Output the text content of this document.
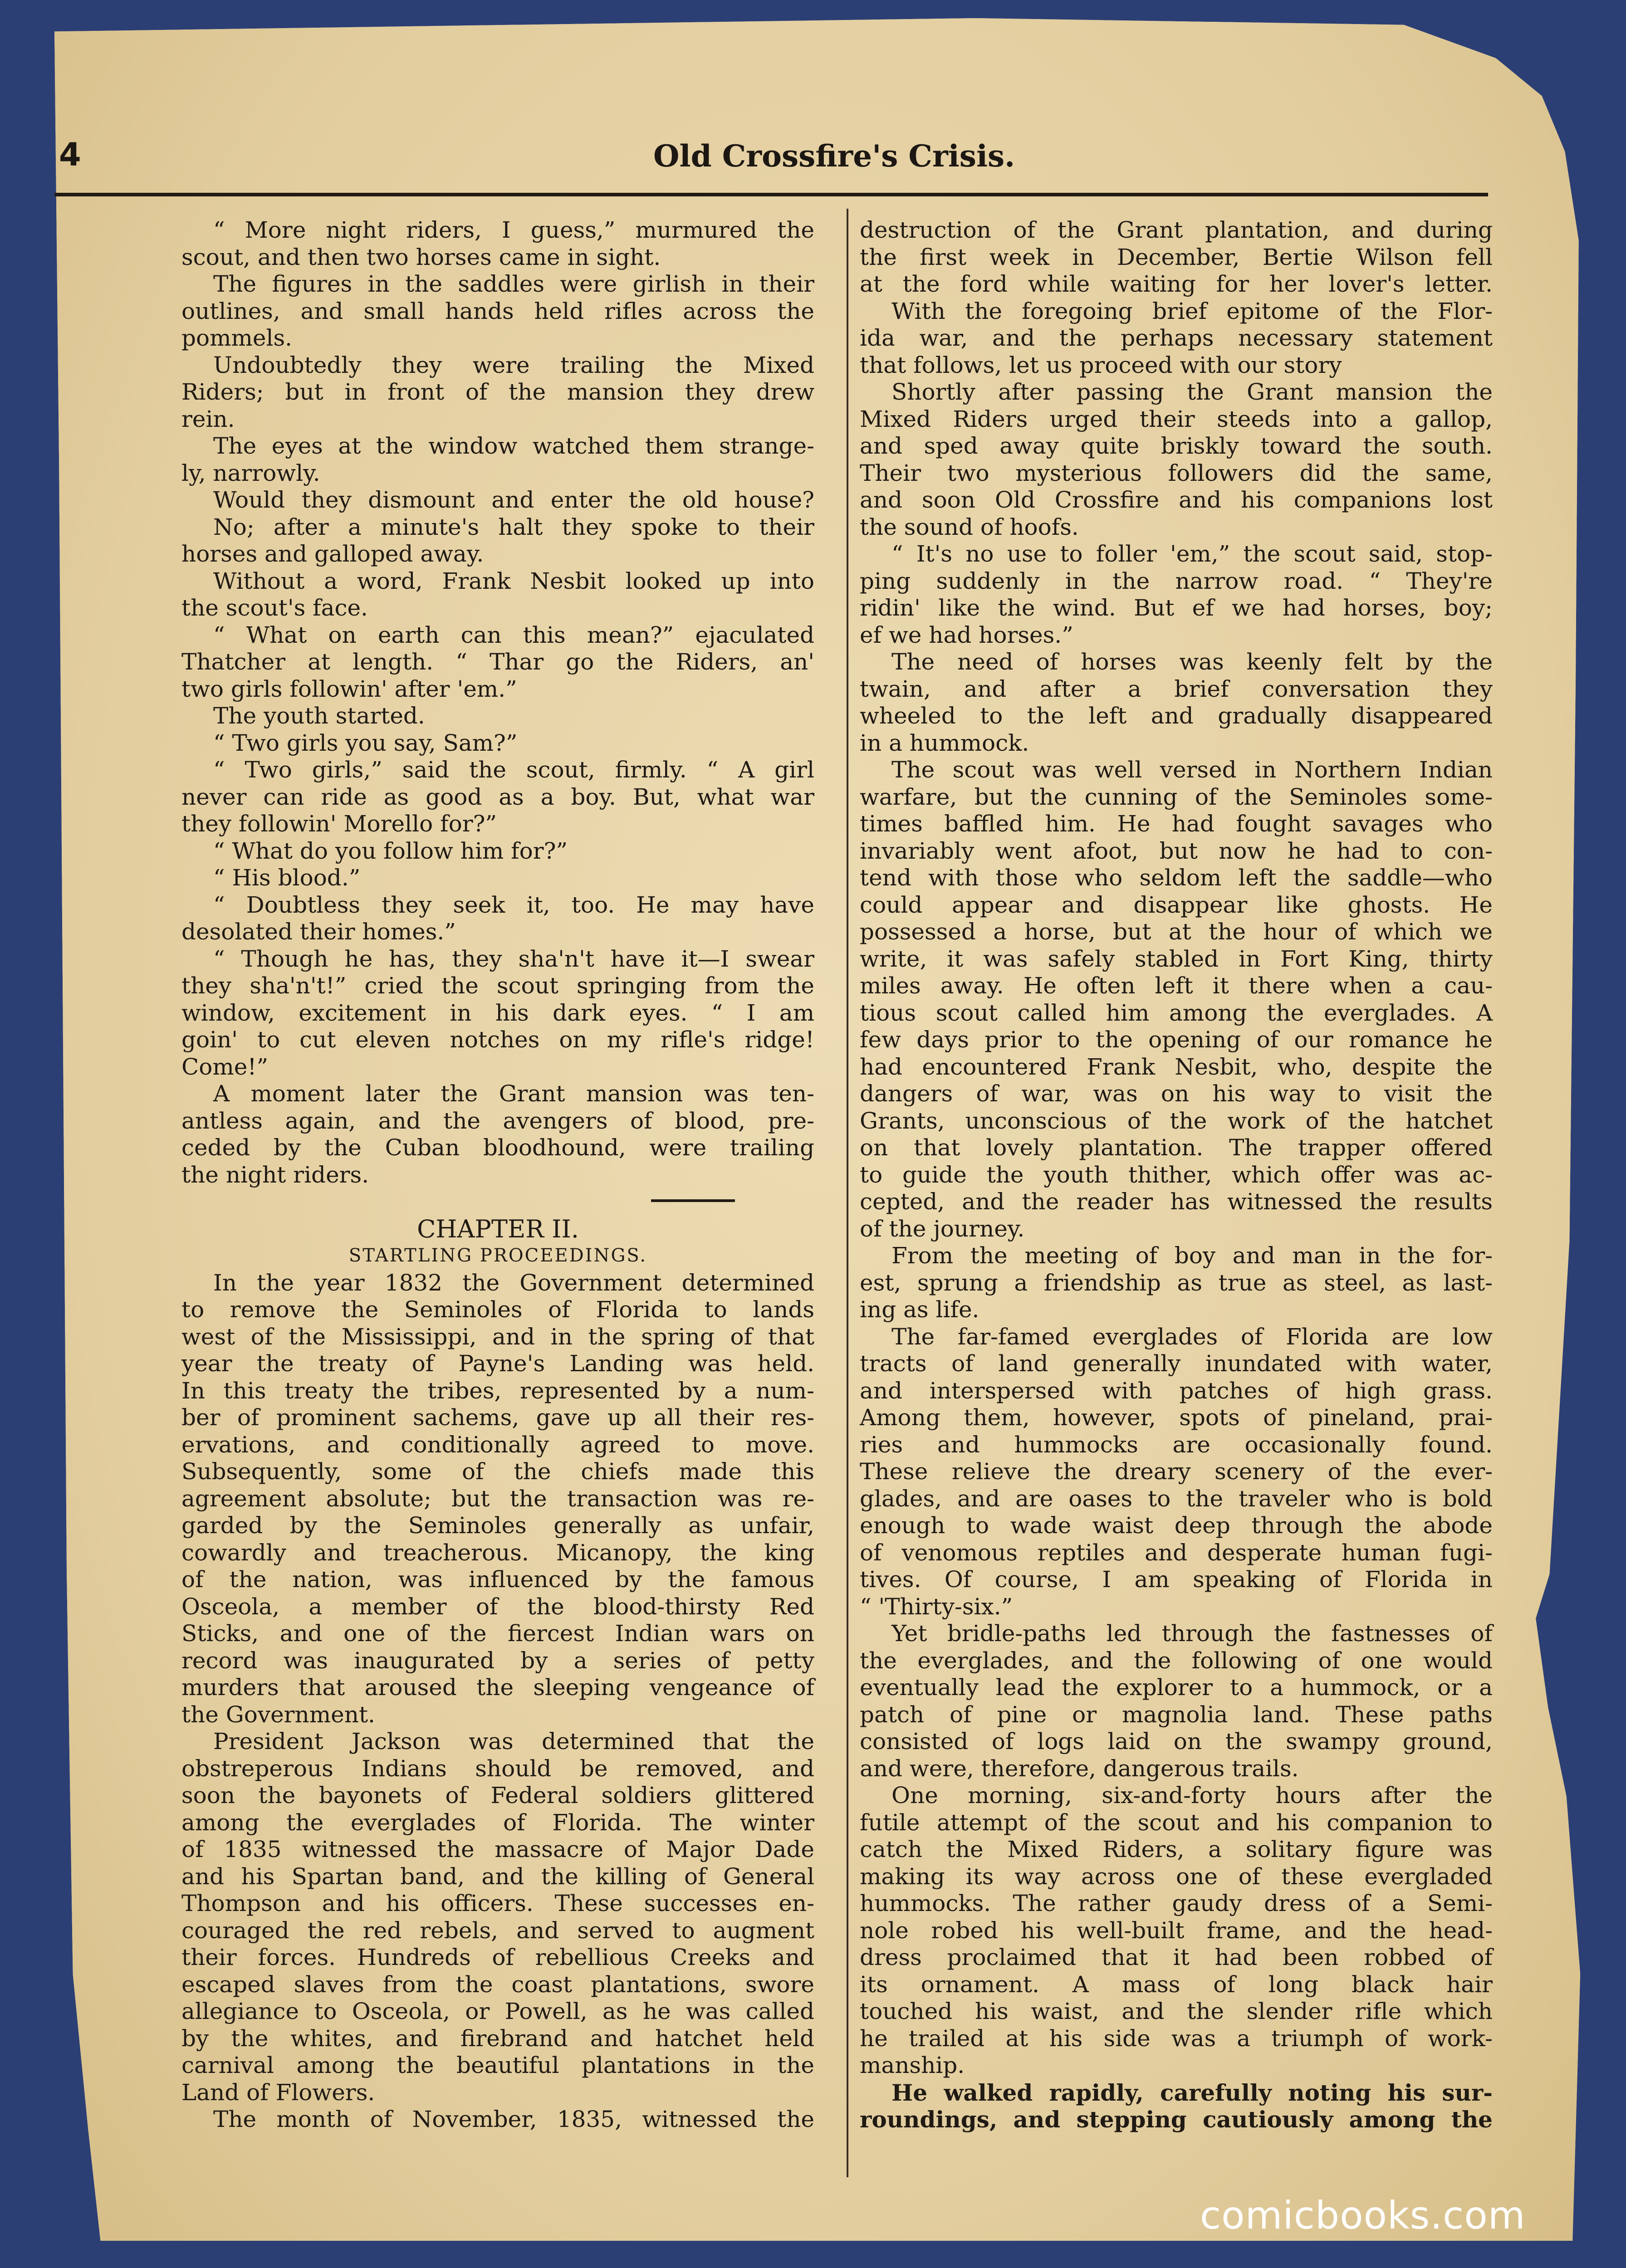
4	Old Crossfire's Crisis.
“ More night riders, I guess,” murmured the
scout, and then two horses came in sight.
The figures in the saddles were girlish in their
outlines, and small hands held rifles across the
pommels.
Undoubtedly they were trailing the Mixed
Riders; but in front of the mansion they drew
rein.
The eyes at the window watched them strange-
ly, narrowly.
Would they dismount and enter the old house?
No; after a minute's halt they spoke to their
horses and galloped away.
Without a word, Frank Nesbit looked up into
the scout's face.
“ What on earth can this mean?” ejaculated
Thatcher at length. “ Thar go the Riders, an'
two girls followin' after 'em.”
The youth started.
“ Two girls you say, Sam?”
“ Two girls,” said the scout, firmly. “ A girl
never can ride as good as a boy. But, what war
they followin' Morello for?”
“ What do you follow him for?”
“ His blood.”
“ Doubtless they seek it, too. He may have
desolated their homes.”
“ Though he has, they sha'n't have it—I swear
they sha'n't!” cried the scout springing from the
window, excitement in his dark eyes. “ I am
goin' to cut eleven notches on my rifle's ridge!
Come!”
A moment later the Grant mansion was ten-
antless again, and the avengers of blood, pre-
ceded by the Cuban bloodhound, were trailing
the night riders.
CHAPTER II.
STARTLING PROCEEDINGS.
In the year 1832 the Government determined
to remove the Seminoles of Florida to lands
west of the Mississippi, and in the spring of that
year the treaty of Payne's Landing was held.
In this treaty the tribes, represented by a num-
ber of prominent sachems, gave up all their res-
ervations, and conditionally agreed to move.
Subsequently, some of the chiefs made this
agreement absolute; but the transaction was re-
garded by the Seminoles generally as unfair,
cowardly and treacherous. Micanopy, the king
of the nation, was influenced by the famous
Osceola, a member of the blood-thirsty Red
Sticks, and one of the fiercest Indian wars on
record was inaugurated by a series of petty
murders that aroused the sleeping vengeance of
the Government.
President Jackson was determined that the
obstreperous Indians should be removed, and
soon the bayonets of Federal soldiers glittered
among the everglades of Florida. The winter
of 1835 witnessed the massacre of Major Dade
and his Spartan band, and the killing of General
Thompson and his officers. These successes en-
couraged the red rebels, and served to augment
their forces. Hundreds of rebellious Creeks and
escaped slaves from the coast plantations, swore
allegiance to Osceola, or Powell, as he was called
by the whites, and firebrand and hatchet held
carnival among the beautiful plantations in the
Land of Flowers.
The month of November, 1835, witnessed the
destruction of the Grant plantation, and during
the first week in December, Bertie Wilson fell
at the ford while waiting for her lover's letter.
With the foregoing brief epitome of the Flor-
ida war, and the perhaps necessary statement
that follows, let us proceed with our story
Shortly after passing the Grant mansion the
Mixed Riders urged their steeds into a gallop,
and sped away quite briskly toward the south.
Their two mysterious followers did the same,
and soon Old Crossfire and his companions lost
the sound of hoofs.
“ It's no use to foller 'em,” the scout said, stop-
ping suddenly in the narrow road. “ They're
ridin' like the wind. But ef we had horses, boy;
ef we had horses.”
The need of horses was keenly felt by the
twain, and after a brief conversation they
wheeled to the left and gradually disappeared
in a hummock.
The scout was well versed in Northern Indian
warfare, but the cunning of the Seminoles some-
times baffled him. He had fought savages who
invariably went afoot, but now he had to con-
tend with those who seldom left the saddle—who
could appear and disappear like ghosts. He
possessed a horse, but at the hour of which we
write, it was safely stabled in Fort King, thirty
miles away. He often left it there when a cau-
tious scout called him among the everglades. A
few days prior to the opening of our romance he
had encountered Frank Nesbit, who, despite the
dangers of war, was on his way to visit the
Grants, unconscious of the work of the hatchet
on that lovely plantation. The trapper offered
to guide the youth thither, which offer was ac-
cepted, and the reader has witnessed the results
of the journey.
From the meeting of boy and man in the for-
est, sprung a friendship as true as steel, as last-
ing as life.
The far-famed everglades of Florida are low
tracts of land generally inundated with water,
and interspersed with patches of high grass.
Among them, however, spots of pineland, prai-
ries and hummocks are occasionally found.
These relieve the dreary scenery of the ever-
glades, and are oases to the traveler who is bold
enough to wade waist deep through the abode
of venomous reptiles and desperate human fugi-
tives. Of course, I am speaking of Florida in
“ 'Thirty-six.”
Yet bridle-paths led through the fastnesses of
the everglades, and the following of one would
eventually lead the explorer to a hummock, or a
patch of pine or magnolia land. These paths
consisted of logs laid on the swampy ground,
and were, therefore, dangerous trails.
One morning, six-and-forty hours after the
futile attempt of the scout and his companion to
catch the Mixed Riders, a solitary figure was
making its way across one of these evergladed
hummocks. The rather gaudy dress of a Semi-
nole robed his well-built frame, and the head-
dress proclaimed that it had been robbed of
its ornament. A mass of long black hair
touched his waist, and the slender rifle which
he trailed at his side was a triumph of work-
manship.
He walked rapidly, carefully noting his sur-
roundings, and stepping cautiously among the
comicbooks.com
